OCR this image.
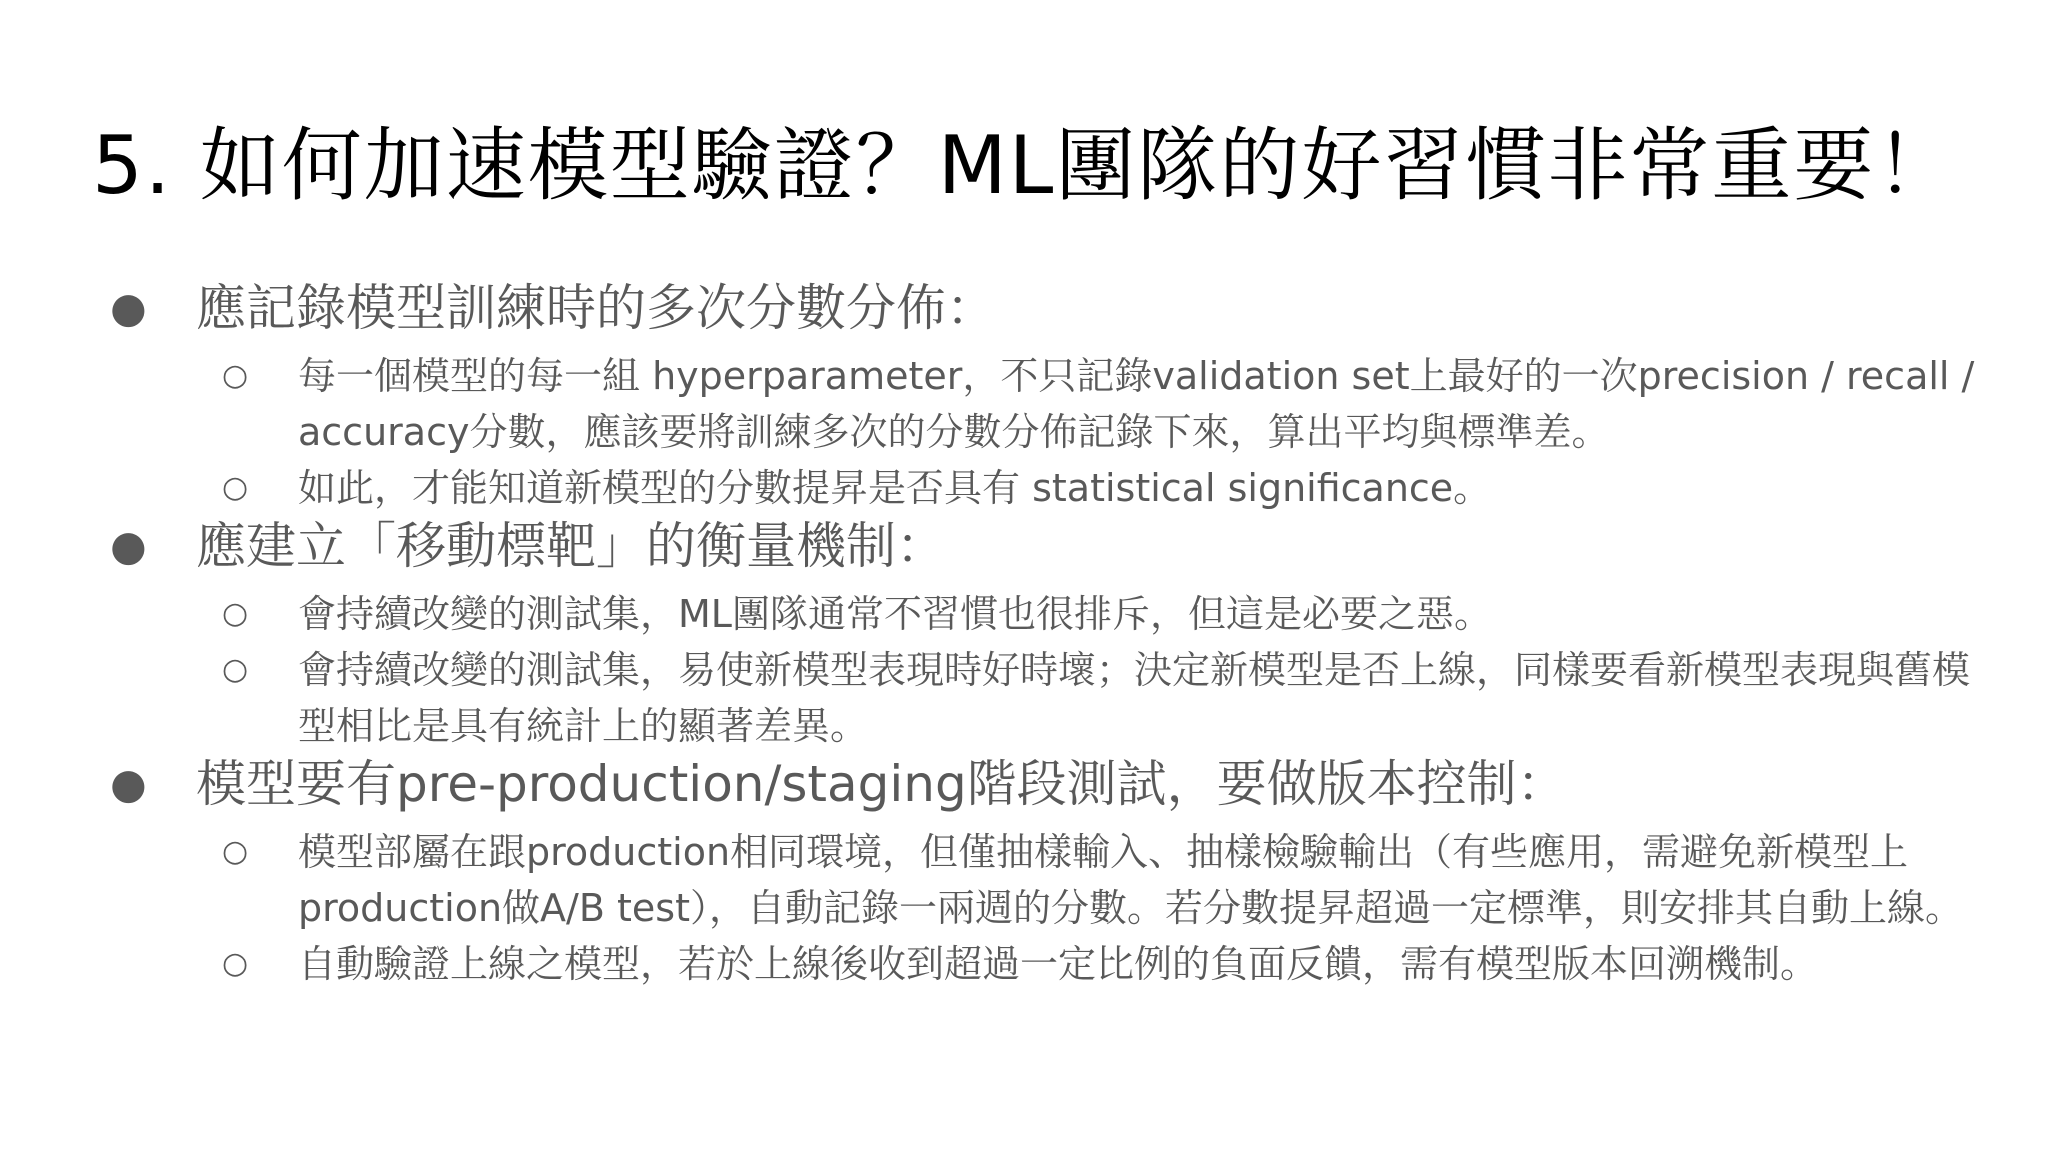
5. 如何加速模型驗證？ML團隊的好習慣非常重要！
● 應記錄模型訓練時的多次分數分佈：
○ 每一個模型的每一組 hyperparameter，不只記錄validation set上最好的一次precision / recall / accuracy分數，應該要將訓練多次的分數分佈記錄下來，算出平均與標準差。
○ 如此，才能知道新模型的分數提昇是否具有 statistical significance。
● 應建立「移動標靶」的衡量機制：
○ 會持續改變的測試集，ML團隊通常不習慣也很排斥，但這是必要之惡。
○ 會持續改變的測試集，易使新模型表現時好時壞；決定新模型是否上線，同樣要看新模型表現與舊模型相比是具有統計上的顯著差異。
● 模型要有pre-production/staging階段測試，要做版本控制：
○ 模型部屬在跟production相同環境，但僅抽樣輸入、抽樣檢驗輸出（有些應用，需避免新模型上production做A/B test），自動記錄一兩週的分數。若分數提昇超過一定標準，則安排其自動上線。
○ 自動驗證上線之模型，若於上線後收到超過一定比例的負面反饋，需有模型版本回溯機制。
